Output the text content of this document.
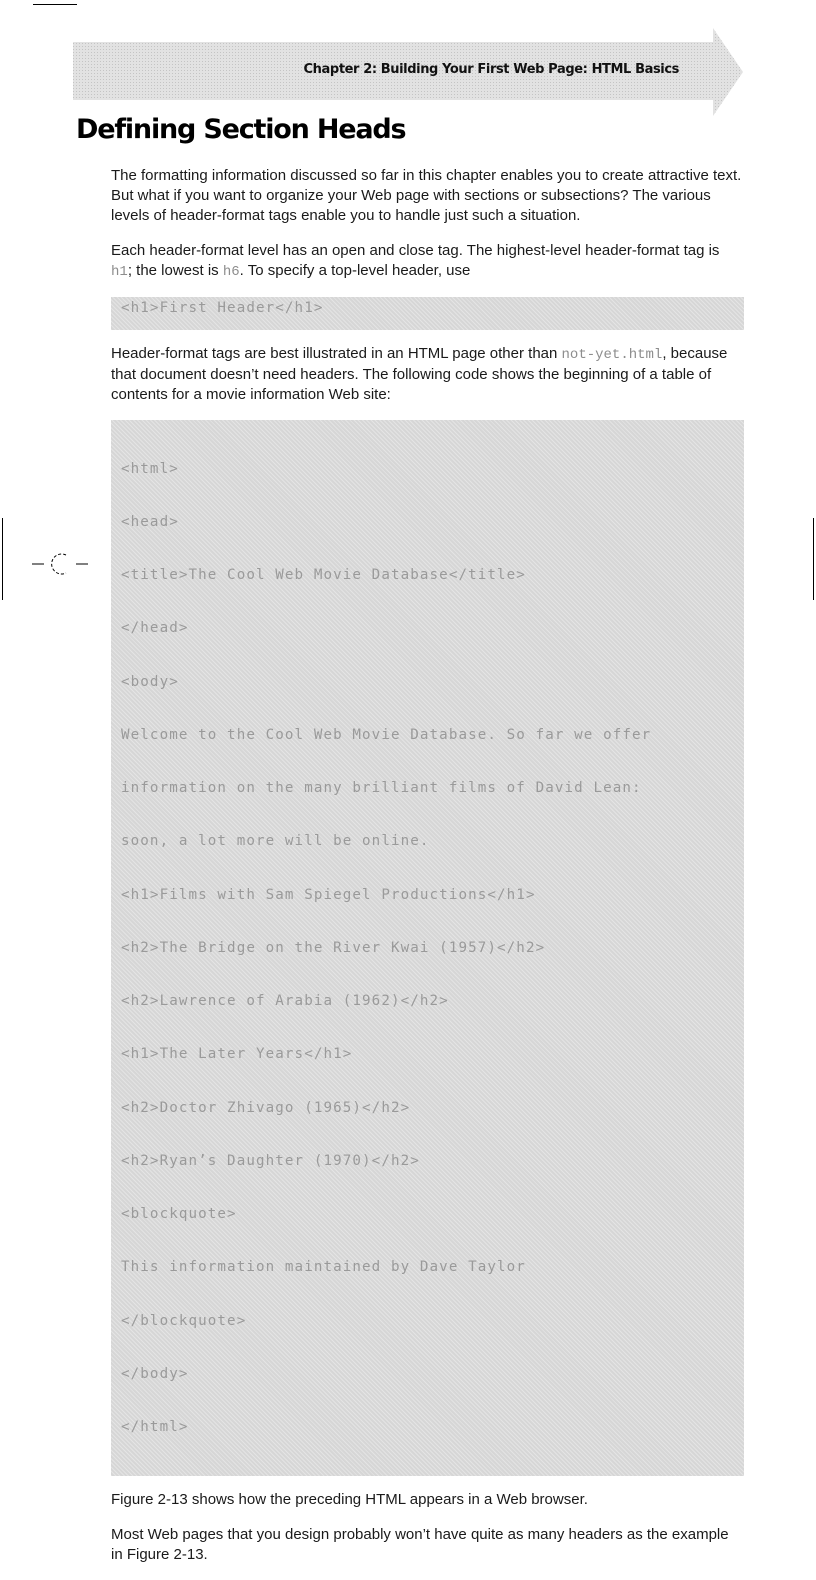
Chapter 2: Building Your First Web Page: HTML Basics
Defining Section Heads

The formatting information discussed so far in this chapter enables you to create attractive text. But what if you want to organize your Web page with sections or subsections? The various levels of header-format tags enable you to handle just such a situation.

Each header-format level has an open and close tag. The highest-level header-format tag is h1; the lowest is h6. To specify a top-level header, use

<h1>First Header</h1>

Header-format tags are best illustrated in an HTML page other than not-yet.html, because that document doesn’t need headers. The following code shows the beginning of a table of contents for a movie information Web site:

<html>

<head>

<title>The Cool Web Movie Database</title>

</head>

<body>

Welcome to the Cool Web Movie Database. So far we offer

information on the many brilliant films of David Lean:

soon, a lot more will be online.

<h1>Films with Sam Spiegel Productions</h1>

<h2>The Bridge on the River Kwai (1957)</h2>

<h2>Lawrence of Arabia (1962)</h2>

<h1>The Later Years</h1>

<h2>Doctor Zhivago (1965)</h2>

<h2>Ryan’s Daughter (1970)</h2>

<blockquote>

This information maintained by Dave Taylor

</blockquote>

</body>

</html>

Figure 2-13 shows how the preceding HTML appears in a Web browser.

Most Web pages that you design probably won’t have quite as many headers as the example in Figure 2-13.
